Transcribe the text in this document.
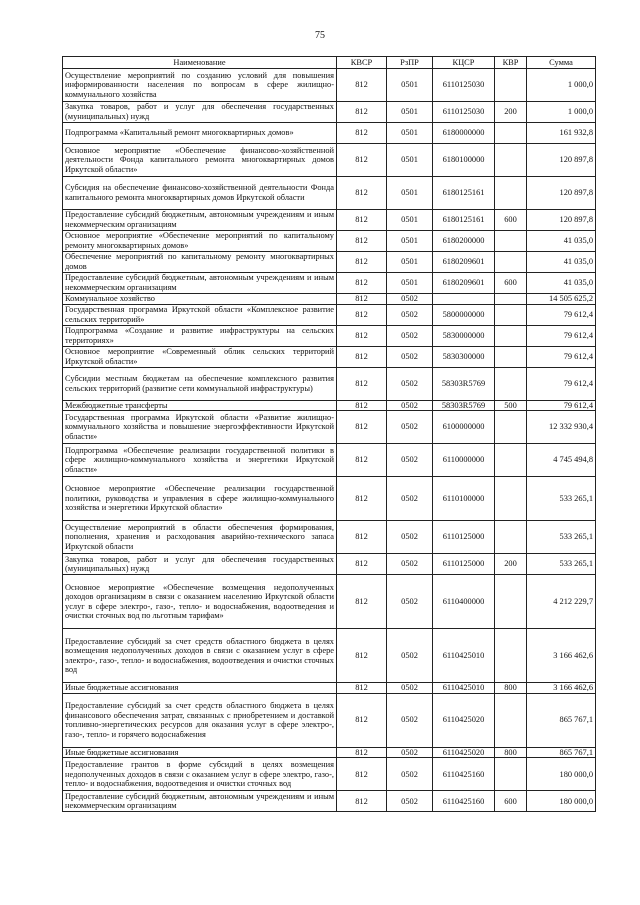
75
Наименование	КВСР	РзПР	КЦСР	КВР	Сумма
Осуществление мероприятий по созданию условий для повышения информированности населения по вопросам в сфере жилищно-коммунального хозяйства	812	0501	6110125030		1 000,0
Закупка товаров, работ и услуг для обеспечения государственных (муниципальных) нужд	812	0501	6110125030	200	1 000,0
Подпрограмма «Капитальный ремонт многоквартирных домов»	812	0501	6180000000		161 932,8
Основное мероприятие «Обеспечение финансово-хозяйственной деятельности Фонда капитального ремонта многоквартирных домов Иркутской области»	812	0501	6180100000		120 897,8
Субсидия на обеспечение финансово-хозяйственной деятельности Фонда капитального ремонта многоквартирных домов Иркутской области	812	0501	6180125161		120 897,8
Предоставление субсидий бюджетным, автономным учреждениям и иным некоммерческим организациям	812	0501	6180125161	600	120 897,8
Основное мероприятие «Обеспечение мероприятий по капитальному ремонту многоквартирных домов»	812	0501	6180200000		41 035,0
Обеспечение мероприятий по капитальному ремонту многоквартирных домов	812	0501	6180209601		41 035,0
Предоставление субсидий бюджетным, автономным учреждениям и иным некоммерческим организациям	812	0501	6180209601	600	41 035,0
Коммунальное хозяйство	812	0502			14 505 625,2
Государственная программа Иркутской области «Комплексное развитие сельских территорий»	812	0502	5800000000		79 612,4
Подпрограмма «Создание и развитие инфраструктуры на сельских территориях»	812	0502	5830000000		79 612,4
Основное мероприятие «Современный облик сельских территорий Иркутской области»	812	0502	5830300000		79 612,4
Субсидии местным бюджетам на обеспечение комплексного развития сельских территорий (развитие сети коммунальной инфраструктуры)	812	0502	58303R5769		79 612,4
Межбюджетные трансферты	812	0502	58303R5769	500	79 612,4
Государственная программа Иркутской области «Развитие жилищно-коммунального хозяйства и повышение энергоэффективности Иркутской области»	812	0502	6100000000		12 332 930,4
Подпрограмма «Обеспечение реализации государственной политики в сфере жилищно-коммунального хозяйства и энергетики Иркутской области»	812	0502	6110000000		4 745 494,8
Основное мероприятие «Обеспечение реализации государственной политики, руководства и управления в сфере жилищно-коммунального хозяйства и энергетики Иркутской области»	812	0502	6110100000		533 265,1
Осуществление мероприятий в области обеспечения формирования, пополнения, хранения и расходования аварийно-технического запаса Иркутской области	812	0502	6110125000		533 265,1
Закупка товаров, работ и услуг для обеспечения государственных (муниципальных) нужд	812	0502	6110125000	200	533 265,1
Основное мероприятие «Обеспечение возмещения недополученных доходов организациям в связи с оказанием населению Иркутской области услуг в сфере электро-, газо-, тепло- и водоснабжения, водоотведения и очистки сточных вод по льготным тарифам»	812	0502	6110400000		4 212 229,7
Предоставление субсидий за счет средств областного бюджета в целях возмещения недополученных доходов в связи с оказанием услуг в сфере электро-, газо-, тепло- и водоснабжения, водоотведения и очистки сточных вод	812	0502	6110425010		3 166 462,6
Иные бюджетные ассигнования	812	0502	6110425010	800	3 166 462,6
Предоставление субсидий за счет средств областного бюджета в целях финансового обеспечения затрат, связанных с приобретением и доставкой топливно-энергетических ресурсов для оказания услуг в сфере электро-, газо-, тепло- и горячего водоснабжения	812	0502	6110425020		865 767,1
Иные бюджетные ассигнования	812	0502	6110425020	800	865 767,1
Предоставление грантов в форме субсидий в целях возмещения недополученных доходов в связи с оказанием услуг в сфере электро, газо-, тепло- и водоснабжения, водоотведения и очистки сточных вод	812	0502	6110425160		180 000,0
Предоставление субсидий бюджетным, автономным учреждениям и иным некоммерческим организациям	812	0502	6110425160	600	180 000,0
